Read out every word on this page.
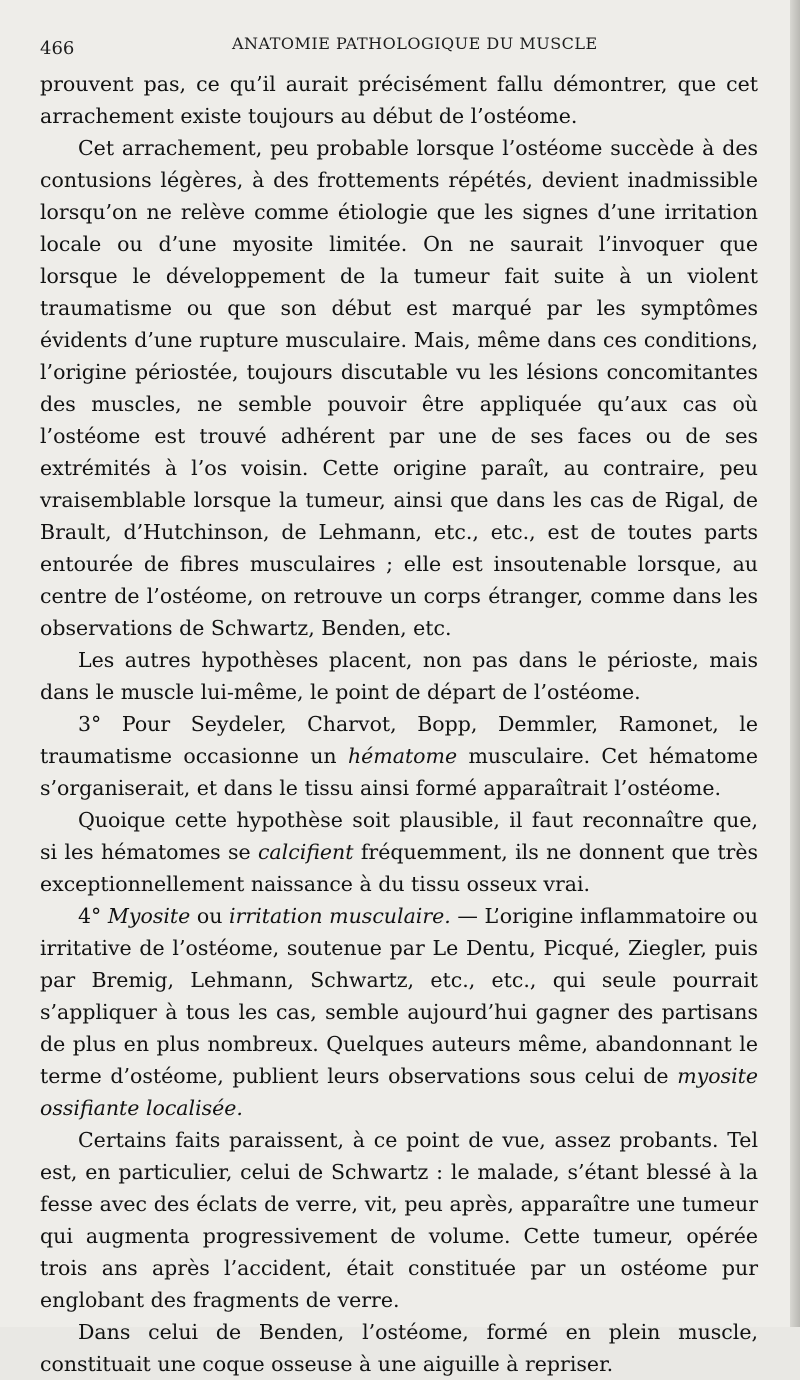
466	ANATOMIE PATHOLOGIQUE DU MUSCLE

prouvent pas, ce qu’il aurait précisément fallu démontrer, que cet arrachement existe toujours au début de l’ostéome.

Cet arrachement, peu probable lorsque l’ostéome succède à des contusions légères, à des frottements répétés, devient inadmissible lorsqu’on ne relève comme étiologie que les signes d’une irritation locale ou d’une myosite limitée. On ne saurait l’invoquer que lorsque le développement de la tumeur fait suite à un violent traumatisme ou que son début est marqué par les symptômes évidents d’une rupture musculaire. Mais, même dans ces conditions, l’origine périostée, toujours discutable vu les lésions concomitantes des muscles, ne semble pouvoir être appliquée qu’aux cas où l’ostéome est trouvé adhérent par une de ses faces ou de ses extrémités à l’os voisin. Cette origine paraît, au contraire, peu vraisemblable lorsque la tumeur, ainsi que dans les cas de Rigal, de Brault, d’Hutchinson, de Lehmann, etc., etc., est de toutes parts entourée de fibres musculaires ; elle est insoutenable lorsque, au centre de l’ostéome, on retrouve un corps étranger, comme dans les observations de Schwartz, Benden, etc.

Les autres hypothèses placent, non pas dans le périoste, mais dans le muscle lui-même, le point de départ de l’ostéome.

3° Pour Seydeler, Charvot, Bopp, Demmler, Ramonet, le traumatisme occasionne un hématome musculaire. Cet hématome s’organiserait, et dans le tissu ainsi formé apparaîtrait l’ostéome.

Quoique cette hypothèse soit plausible, il faut reconnaître que, si les hématomes se calcifient fréquemment, ils ne donnent que très exceptionnellement naissance à du tissu osseux vrai.

4° Myosite ou irritation musculaire. — L’origine inflammatoire ou irritative de l’ostéome, soutenue par Le Dentu, Picqué, Ziegler, puis par Bremig, Lehmann, Schwartz, etc., etc., qui seule pourrait s’appliquer à tous les cas, semble aujourd’hui gagner des partisans de plus en plus nombreux. Quelques auteurs même, abandonnant le terme d’ostéome, publient leurs observations sous celui de myosite ossifiante localisée.

Certains faits paraissent, à ce point de vue, assez probants. Tel est, en particulier, celui de Schwartz : le malade, s’étant blessé à la fesse avec des éclats de verre, vit, peu après, apparaître une tumeur qui augmenta progressivement de volume. Cette tumeur, opérée trois ans après l’accident, était constituée par un ostéome pur englobant des fragments de verre.

Dans celui de Benden, l’ostéome, formé en plein muscle, constituait une coque osseuse à une aiguille à repriser.
